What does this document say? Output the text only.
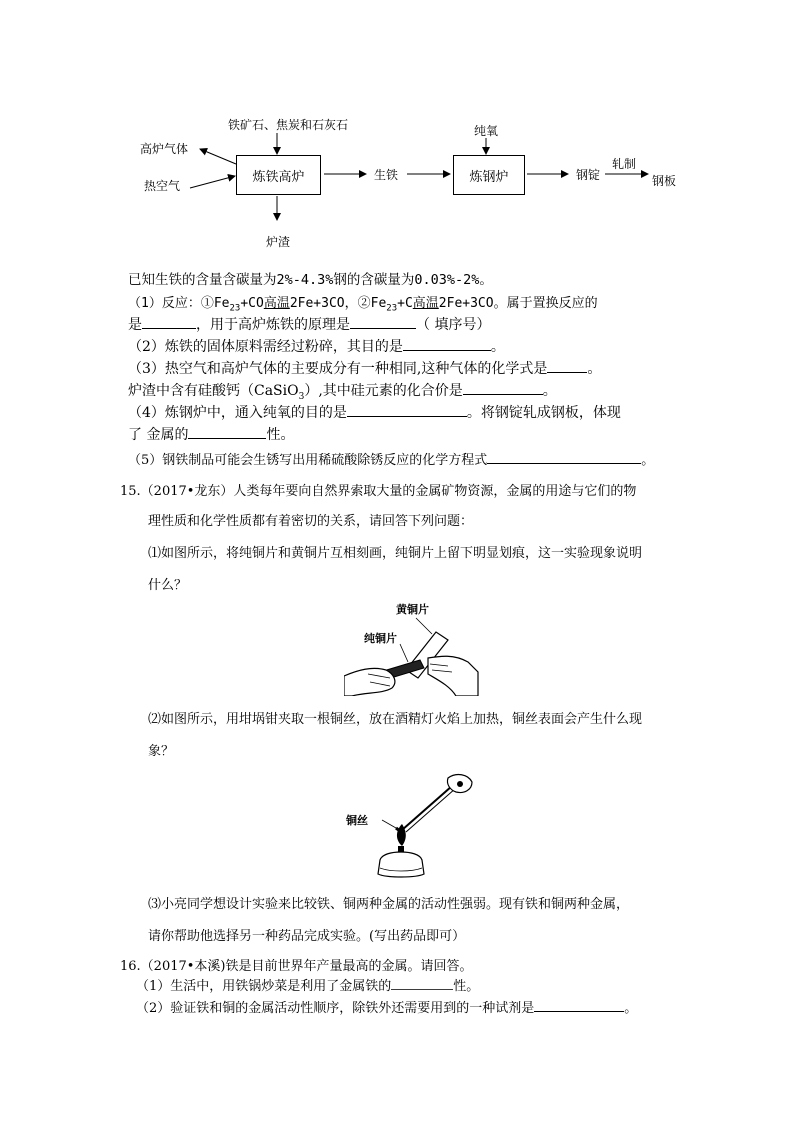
铁矿石、焦炭和石灰石
高炉气体
热空气
炼铁高炉
炉渣
生铁
纯氧
炼钢炉	钢锭
轧制
钢板
已知生铁的含量含碳量为2%-4.3%钢的含碳量为0.03%-2%。
（1）反应：$①Fe_{23}+CO$高温2Fe+3CO，$②Fe_{23}+C$高温2Fe+3CO。属于置换反应的
是	，用于高炉炼铁的原理是	（ 填序号）
（2）炼铁的固体原料需经过粉碎，其目的是	。
（3）热空气和高炉气体的主要成分有一种相同,这种气体的化学式是	。
炉渣中含有硅酸钙（CaSiO$_3$）,其中硅元素的化合价是	。
（4）炼钢炉中，通入纯氧的目的是	。将钢锭轧成钢板，体现
了 金属的	性。
（5）钢铁制品可能会生锈写出用稀硫酸除锈反应的化学方程式	。
15.（2017•龙东）人类每年要向自然界索取大量的金属矿物资源，金属的用途与它们的物
理性质和化学性质都有着密切的关系，请回答下列问题：
⑴如图所示，将纯铜片和黄铜片互相刻画，纯铜片上留下明显划痕，这一实验现象说明
什么？
黄铜片
纯铜片
⑵如图所示，用坩埚钳夹取一根铜丝，放在酒精灯火焰上加热，铜丝表面会产生什么现
象？
铜丝
⑶小亮同学想设计实验来比较铁、铜两种金属的活动性强弱。现有铁和铜两种金属，
请你帮助他选择另一种药品完成实验。(写出药品即可）
16.（2017•本溪)铁是目前世界年产量最高的金属。请回答。
（1）生活中，用铁锅炒菜是利用了金属铁的	性。
（2）验证铁和铜的金属活动性顺序，除铁外还需要用到的一种试剂是	。
